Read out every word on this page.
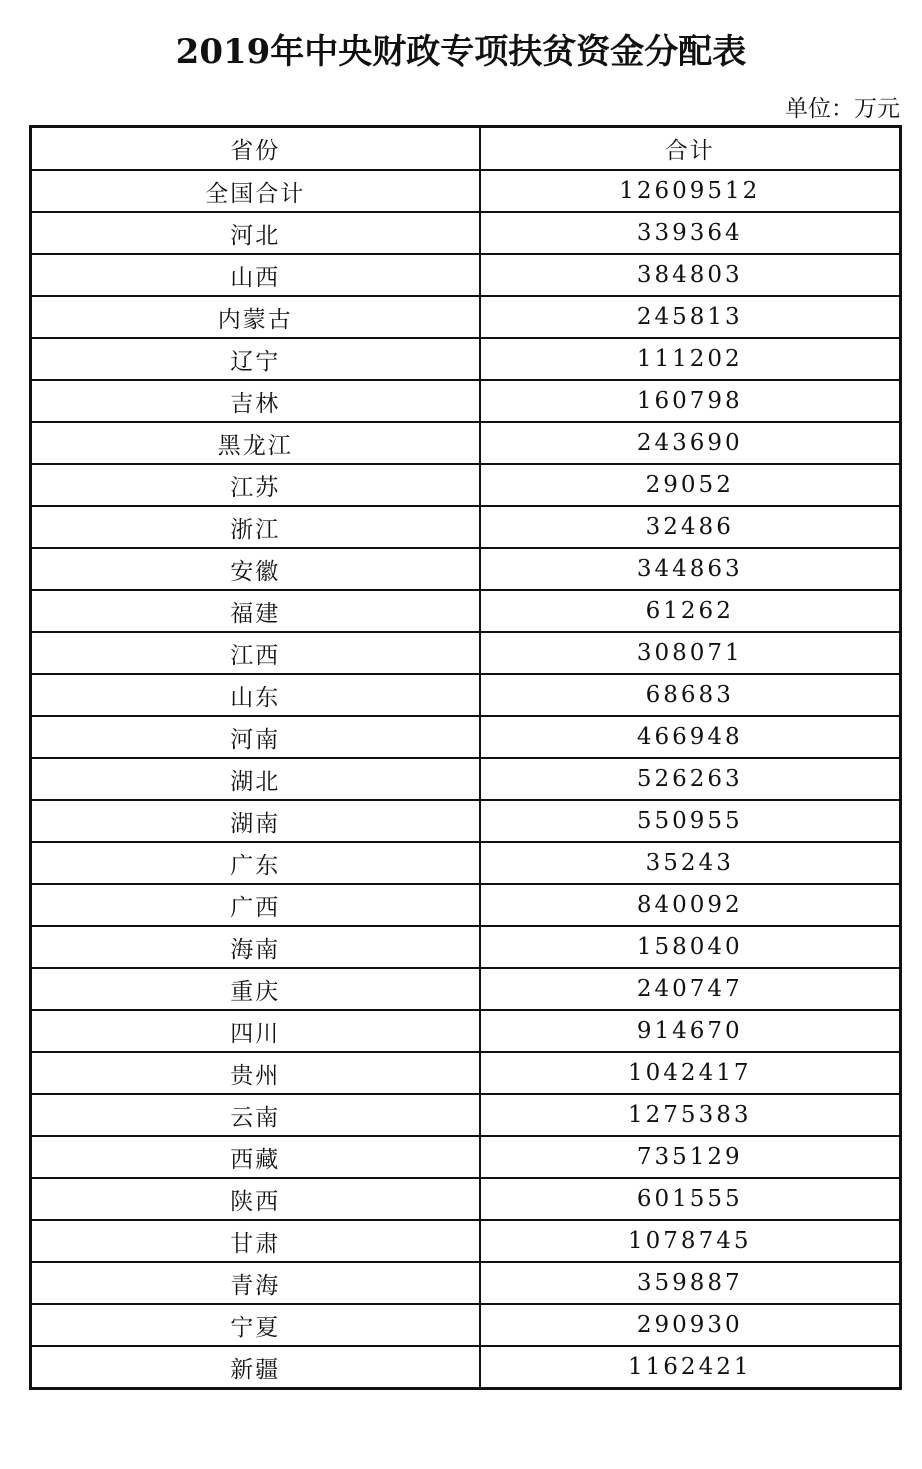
2019年中央财政专项扶贫资金分配表
单位：万元
省份	合计
全国合计	12609512
河北	339364
山西	384803
内蒙古	245813
辽宁	111202
吉林	160798
黑龙江	243690
江苏	29052
浙江	32486
安徽	344863
福建	61262
江西	308071
山东	68683
河南	466948
湖北	526263
湖南	550955
广东	35243
广西	840092
海南	158040
重庆	240747
四川	914670
贵州	1042417
云南	1275383
西藏	735129
陕西	601555
甘肃	1078745
青海	359887
宁夏	290930
新疆	1162421
